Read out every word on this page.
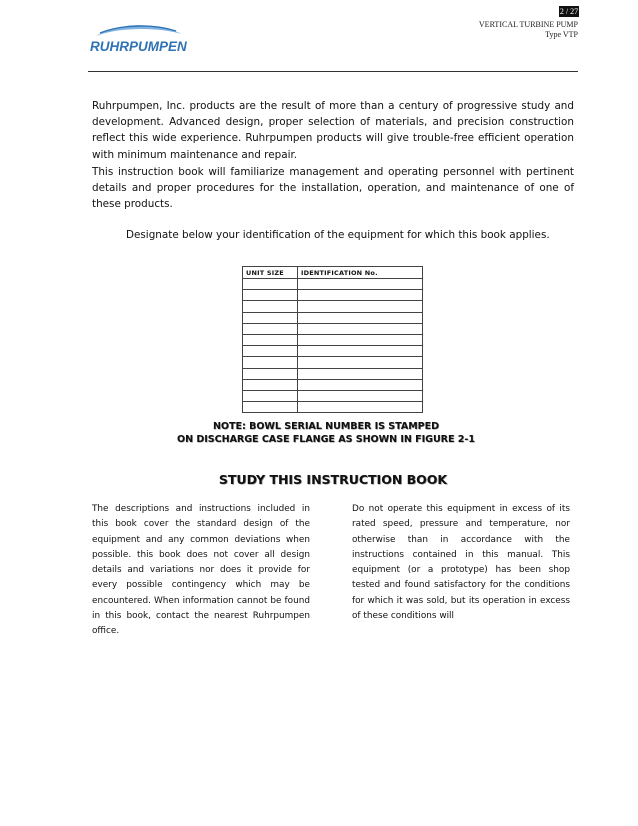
RUHRPUMPEN
2 / 27
VERTICAL TURBINE PUMP
Type VTP

Ruhrpumpen, Inc. products are the result of more than a century of progressive study and development. Advanced design, proper selection of materials, and precision construction reflect this wide experience. Ruhrpumpen products will give trouble-free efficient operation with minimum maintenance and repair.

This instruction book will familiarize management and operating personnel with pertinent details and proper procedures for the installation, operation, and maintenance of one of these products.

Designate below your identification of the equipment for which this book applies.

UNIT SIZE	IDENTIFICATION No.

NOTE: BOWL SERIAL NUMBER IS STAMPED
ON DISCHARGE CASE FLANGE AS SHOWN IN FIGURE 2-1
STUDY THIS INSTRUCTION BOOK

The descriptions and instructions included in this book cover the standard design of the equipment and any common deviations when possible. this book does not cover all design details and variations nor does it provide for every possible contingency which may be encountered. When information cannot be found in this book, contact the nearest Ruhrpumpen office.

Do not operate this equipment in excess of its rated speed, pressure and temperature, nor otherwise than in accordance with the instructions contained in this manual. This equipment (or a prototype) has been shop tested and found satisfactory for the conditions for which it was sold, but its operation in excess of these conditions will
